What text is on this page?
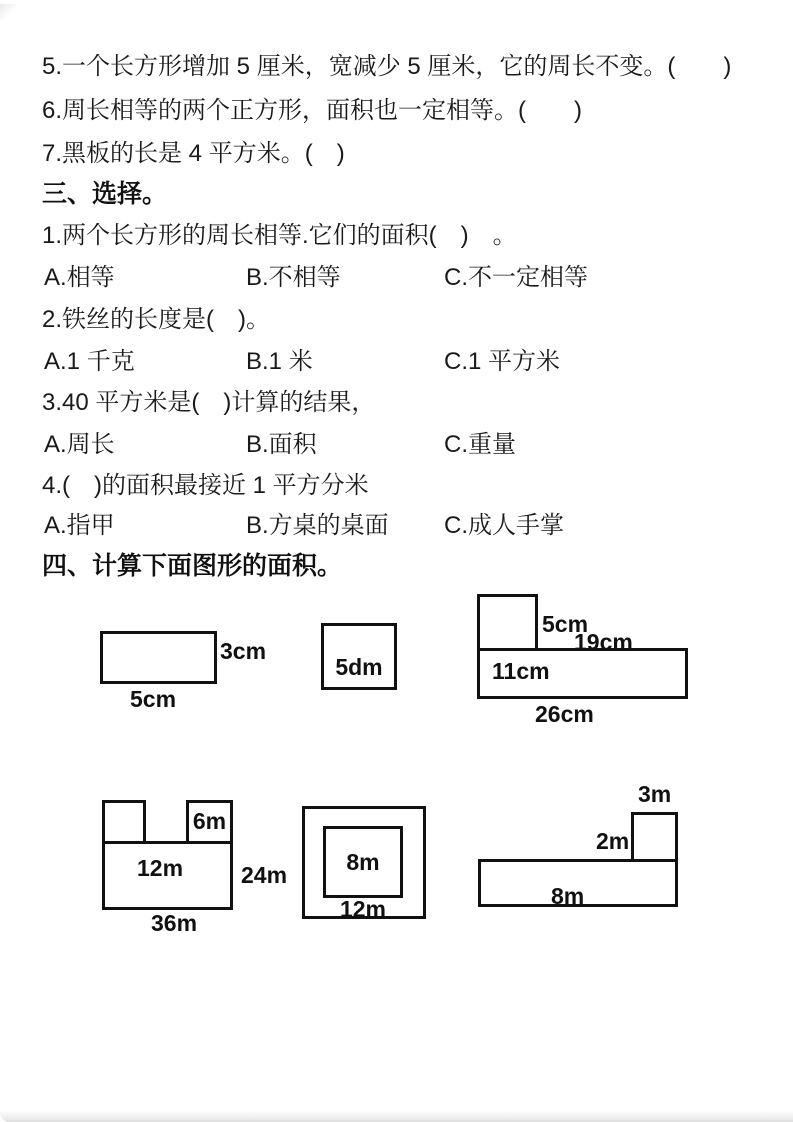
5.一个长方形增加 5 厘米，宽减少 5 厘米，它的周长不变。(　　)
6.周长相等的两个正方形，面积也一定相等。(　　)
7.黑板的长是 4 平方米。(　)
三、选择。
1.两个长方形的周长相等.它们的面积(　)　。
A.相等	B.不相等	C.不一定相等
2.铁丝的长度是(　)。
A.1 千克	B.1 米	C.1 平方米
3.40 平方米是(　)计算的结果，
A.周长	B.面积	C.重量
4.(　)的面积最接近 1 平方分米
A.指甲	B.方桌的桌面 C.成人手掌
四、计算下面图形的面积。
3cm
5cm
5dm
5cm
19cm
11cm
26cm
6m
12m	24m
36m
8m
12m
3m
2m
8m
